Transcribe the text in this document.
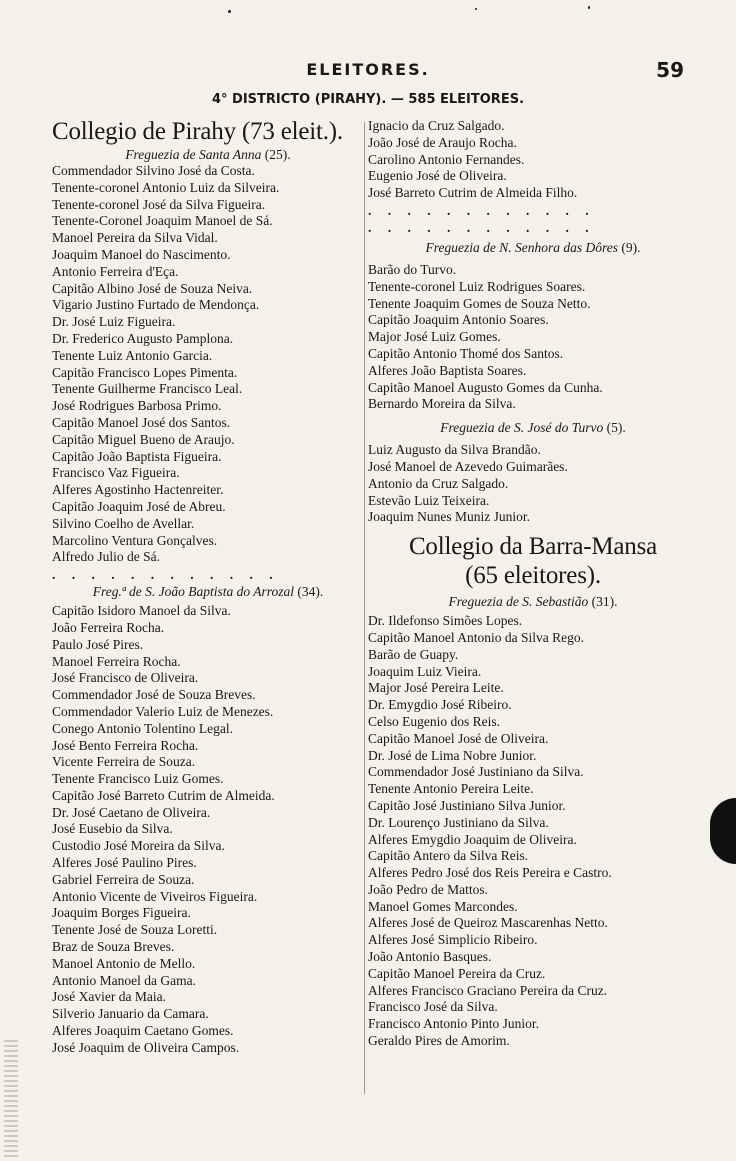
ELEITORES.	59
4° DISTRICTO (PIRAHY). — 585 ELEITORES.
Collegio de Pirahy (73 eleit.).
Freguezia de Santa Anna (25).
Commendador Silvino José da Costa.
Tenente-coronel Antonio Luiz da Silveira.
Tenente-coronel José da Silva Figueira.
Tenente-Coronel Joaquim Manoel de Sá.
Manoel Pereira da Silva Vidal.
Joaquim Manoel do Nascimento.
Antonio Ferreira d'Eça.
Capitão Albino José de Souza Neiva.
Vigario Justino Furtado de Mendonça.
Dr. José Luiz Figueira.
Dr. Frederico Augusto Pamplona.
Tenente Luiz Antonio Garcia.
Capitão Francisco Lopes Pimenta.
Tenente Guilherme Francisco Leal.
José Rodrigues Barbosa Primo.
Capitão Manoel José dos Santos.
Capitão Miguel Bueno de Araujo.
Capitão João Baptista Figueira.
Francisco Vaz Figueira.
Alferes Agostinho Hactenreiter.
Capitão Joaquim José de Abreu.
Silvino Coelho de Avellar.
Marcolino Ventura Gonçalves.
Alfredo Julio de Sá.
. . . . . . . . . . . .
Freg.ª de S. João Baptista do Arrozal (34).
Capitão Isidoro Manoel da Silva.
João Ferreira Rocha.
Paulo José Pires.
Manoel Ferreira Rocha.
José Francisco de Oliveira.
Commendador José de Souza Breves.
Commendador Valerio Luiz de Menezes.
Conego Antonio Tolentino Legal.
José Bento Ferreira Rocha.
Vicente Ferreira de Souza.
Tenente Francisco Luiz Gomes.
Capitão José Barreto Cutrim de Almeida.
Dr. José Caetano de Oliveira.
José Eusebio da Silva.
Custodio José Moreira da Silva.
Alferes José Paulino Pires.
Gabriel Ferreira de Souza.
Antonio Vicente de Viveiros Figueira.
Joaquim Borges Figueira.
Tenente José de Souza Loretti.
Braz de Souza Breves.
Manoel Antonio de Mello.
Antonio Manoel da Gama.
José Xavier da Maia.
Silverio Januario da Camara.
Alferes Joaquim Caetano Gomes.
José Joaquim de Oliveira Campos.
Ignacio da Cruz Salgado.
João José de Araujo Rocha.
Carolino Antonio Fernandes.
Eugenio José de Oliveira.
José Barreto Cutrim de Almeida Filho.
. . . . . . . . . . . .
. . . . . . . . . . . .
Freguezia de N. Senhora das Dôres (9).
Barão do Turvo.
Tenente-coronel Luiz Rodrigues Soares.
Tenente Joaquim Gomes de Souza Netto.
Capitão Joaquim Antonio Soares.
Major José Luiz Gomes.
Capitão Antonio Thomé dos Santos.
Alferes João Baptista Soares.
Capitão Manoel Augusto Gomes da Cunha.
Bernardo Moreira da Silva.
Freguezia de S. José do Turvo (5).
Luiz Augusto da Silva Brandão.
José Manoel de Azevedo Guimarães.
Antonio da Cruz Salgado.
Estevão Luiz Teixeira.
Joaquim Nunes Muniz Junior.
Collegio da Barra-Mansa
(65 eleitores).
Freguezia de S. Sebastião (31).
Dr. Ildefonso Simões Lopes.
Capitão Manoel Antonio da Silva Rego.
Barão de Guapy.
Joaquim Luiz Vieira.
Major José Pereira Leite.
Dr. Emygdio José Ribeiro.
Celso Eugenio dos Reis.
Capitão Manoel José de Oliveira.
Dr. José de Lima Nobre Junior.
Commendador José Justiniano da Silva.
Tenente Antonio Pereira Leite.
Capitão José Justiniano Silva Junior.
Dr. Lourenço Justiniano da Silva.
Alferes Emygdio Joaquim de Oliveira.
Capitão Antero da Silva Reis.
Alferes Pedro José dos Reis Pereira e Castro.
João Pedro de Mattos.
Manoel Gomes Marcondes.
Alferes José de Queiroz Mascarenhas Netto.
Alferes José Simplicio Ribeiro.
João Antonio Basques.
Capitão Manoel Pereira da Cruz.
Alferes Francisco Graciano Pereira da Cruz.
Francisco José da Silva.
Francisco Antonio Pinto Junior.
Geraldo Pires de Amorim.
